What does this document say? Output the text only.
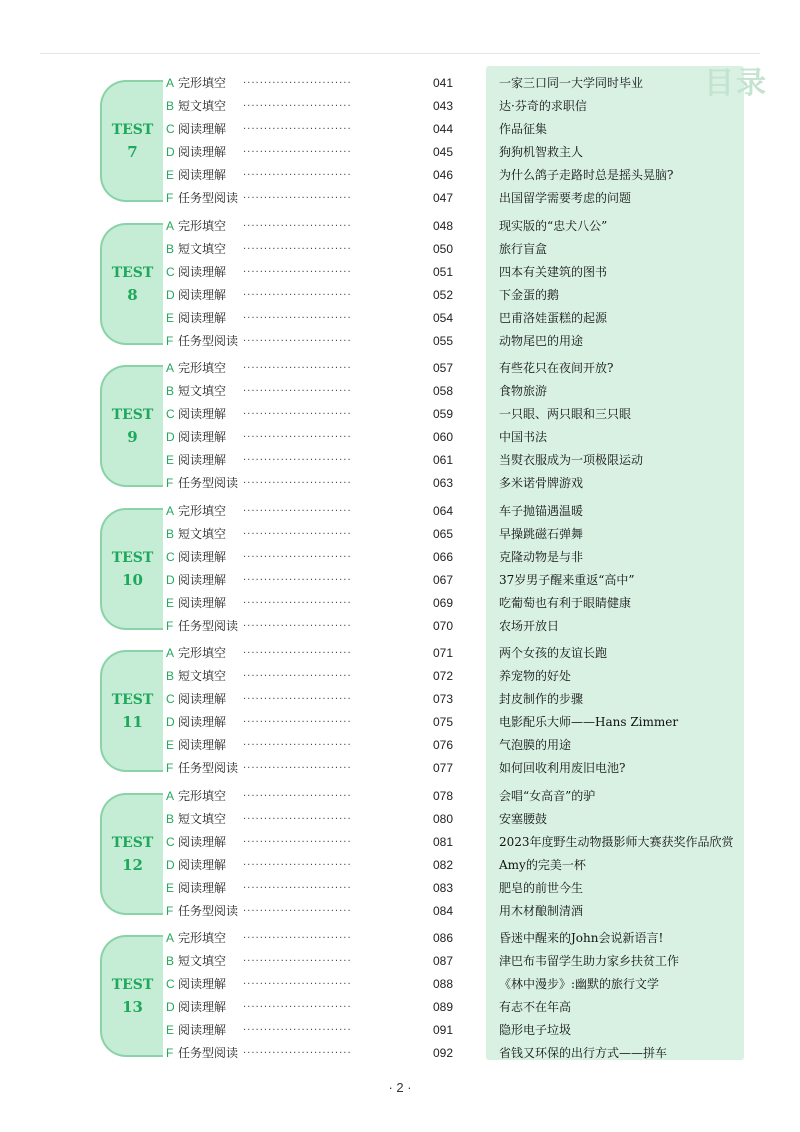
目录
TEST
7
A 完形填空 ··························	041	一家三口同一大学同时毕业
B 短文填空 ··························	043	达·芬奇的求职信
C 阅读理解 ··························	044	作品征集
D 阅读理解 ··························	045	狗狗机智救主人
E 阅读理解 ··························	046	为什么鸽子走路时总是摇头晃脑?
F 任务型阅读 ··························	047	出国留学需要考虑的问题
TEST
8
A 完形填空 ··························	048	现实版的“忠犬八公”
B 短文填空 ··························	050	旅行盲盒
C 阅读理解 ··························	051	四本有关建筑的图书
D 阅读理解 ··························	052	下金蛋的鹅
E 阅读理解 ··························	054	巴甫洛娃蛋糕的起源
F 任务型阅读 ··························	055	动物尾巴的用途
TEST
9
A 完形填空 ··························	057	有些花只在夜间开放?
B 短文填空 ··························	058	食物旅游
C 阅读理解 ··························	059	一只眼、两只眼和三只眼
D 阅读理解 ··························	060	中国书法
E 阅读理解 ··························	061	当熨衣服成为一项极限运动
F 任务型阅读 ··························	063	多米诺骨牌游戏
TEST
10
A 完形填空 ··························	064	车子抛锚遇温暖
B 短文填空 ··························	065	早操跳磁石弹舞
C 阅读理解 ··························	066	克隆动物是与非
D 阅读理解 ··························	067	37岁男子醒来重返“高中”
E 阅读理解 ··························	069	吃葡萄也有利于眼睛健康
F 任务型阅读 ··························	070	农场开放日
TEST
11
A 完形填空 ··························	071	两个女孩的友谊长跑
B 短文填空 ··························	072	养宠物的好处
C 阅读理解 ··························	073	封皮制作的步骤
D 阅读理解 ··························	075	电影配乐大师——Hans Zimmer
E 阅读理解 ··························	076	气泡膜的用途
F 任务型阅读 ··························	077	如何回收利用废旧电池?
TEST
12
A 完形填空 ··························	078	会唱“女高音”的驴
B 短文填空 ··························	080	安塞腰鼓
C 阅读理解 ··························	081	2023年度野生动物摄影师大赛获奖作品欣赏
D 阅读理解 ··························	082	Amy的完美一杯
E 阅读理解 ··························	083	肥皂的前世今生
F 任务型阅读 ··························	084	用木材酿制清酒
TEST
13
A 完形填空 ··························	086	昏迷中醒来的John会说新语言!
B 短文填空 ··························	087	津巴布韦留学生助力家乡扶贫工作
C 阅读理解 ··························	088	《林中漫步》:幽默的旅行文学
D 阅读理解 ··························	089	有志不在年高
E 阅读理解 ··························	091	隐形电子垃圾
F 任务型阅读 ··························	092	省钱又环保的出行方式——拼车
· 2 ·
